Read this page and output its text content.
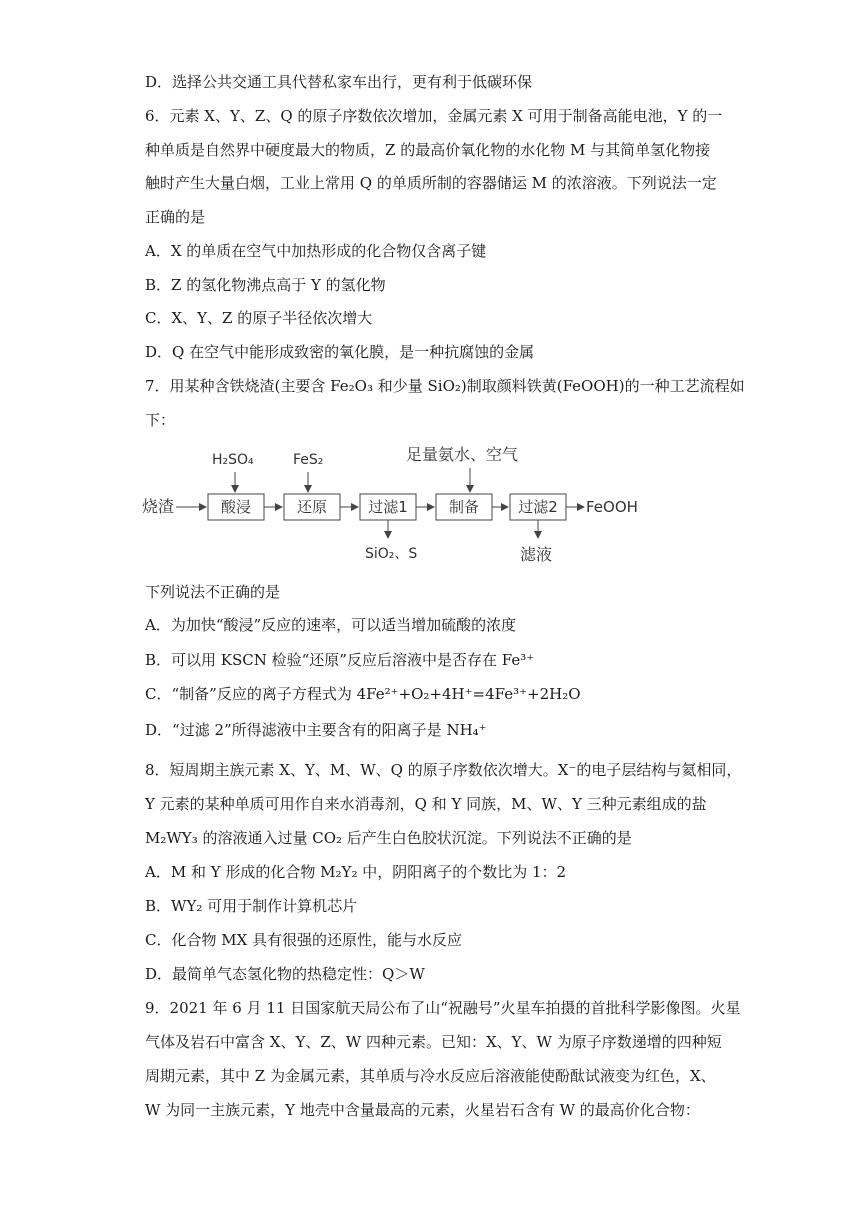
D．选择公共交通工具代替私家车出行，更有利于低碳环保
6．元素 X、Y、Z、Q 的原子序数依次增加，金属元素 X 可用于制备高能电池，Y 的一
种单质是自然界中硬度最大的物质，Z 的最高价氧化物的水化物 M 与其简单氢化物接
触时产生大量白烟，工业上常用 Q 的单质所制的容器储运 M 的浓溶液。下列说法一定
正确的是
A．X 的单质在空气中加热形成的化合物仅含离子键
B．Z 的氢化物沸点高于 Y 的氢化物
C．X、Y、Z 的原子半径依次增大
D．Q 在空气中能形成致密的氧化膜，是一种抗腐蚀的金属
7．用某种含铁烧渣(主要含 Fe₂O₃ 和少量 SiO₂)制取颜料铁黄(FeOOH)的一种工艺流程如
下：
H₂SO₄	FeS₂	足量氨水、空气
烧渣	酸浸	还原	过滤1	制备	过滤2 FeOOH
SiO₂、S	滤液
下列说法不正确的是
A．为加快“酸浸”反应的速率，可以适当增加硫酸的浓度
B．可以用 KSCN 检验“还原”反应后溶液中是否存在 Fe³⁺
C．“制备”反应的离子方程式为 4Fe²⁺+O₂+4H⁺=4Fe³⁺+2H₂O
D．“过滤 2”所得滤液中主要含有的阳离子是 NH₄⁺
8．短周期主族元素 X、Y、M、W、Q 的原子序数依次增大。X⁻的电子层结构与氦相同，
Y 元素的某种单质可用作自来水消毒剂，Q 和 Y 同族，M、W、Y 三种元素组成的盐
M₂WY₃ 的溶液通入过量 CO₂ 后产生白色胶状沉淀。下列说法不正确的是
A．M 和 Y 形成的化合物 M₂Y₂ 中，阴阳离子的个数比为 1：2
B．WY₂ 可用于制作计算机芯片
C．化合物 MX 具有很强的还原性，能与水反应
D．最简单气态氢化物的热稳定性：Q＞W
9．2021 年 6 月 11 日国家航天局公布了山“祝融号”火星车拍摄的首批科学影像图。火星
气体及岩石中富含 X、Y、Z、W 四种元素。已知：X、Y、W 为原子序数递增的四种短
周期元素，其中 Z 为金属元素，其单质与冷水反应后溶液能使酚酞试液变为红色，X、
W 为同一主族元素，Y 地壳中含量最高的元素，火星岩石含有 W 的最高价化合物：
